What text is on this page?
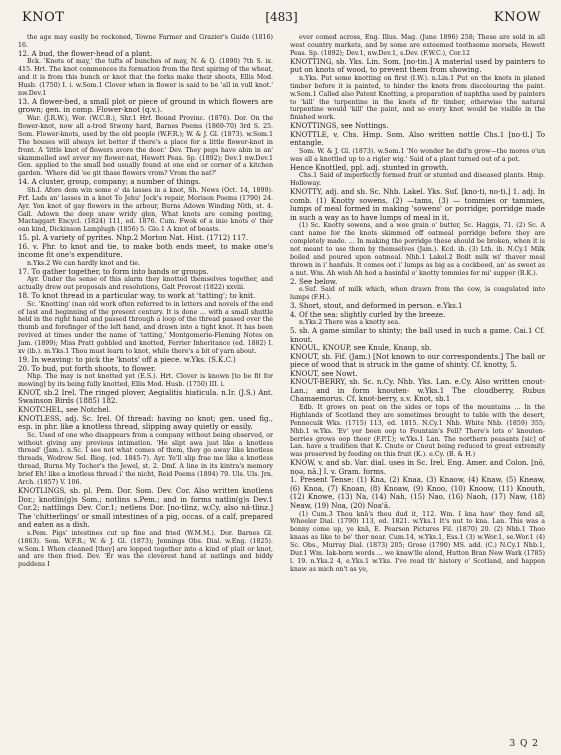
KNOT	[483]	KNOW

the age may easily be reckoned, Towne Farmer and Grazier's Guide (1816) 16.

12. A bud, the flower-head of a plant.

Bck. 'Knots of may,' the tufts of bunches of may, N. & Q. (1890) 7th S. ix. 415. Hrt. The knot commences its formation from the first spiring of the wheat, and it is from this bunch or knot that the forks make their shoots, Ellis Mod. Husb. (1750) I. i. w.Som.1 Clover when in flower is said to be 'all in vull knot.' nw.Dev.1

13. A flower-bed, a small plot or piece of ground in which flowers are grown; gen. in comp. Flower-knot (q.v.).

War. (J.R.W.), Wor. (W.C.B.), Shr.1 Hrf. Bound Provinc. (1876). Dor. On the flower-knot, now all a-trod Stwony hard, Barnes Poems (1869-70) 3rd S. 25. Som. Flower-knots, used by the old people (W.F.R.); W. & J. Gl. (1873). w.Som.1 The houses will always let better if there's a place for a little flower-knot in front. A 'little knot of flowers avore the door.' Dev. They pegs have abin in an' skammelled awl avver my flower-nat, Hewett Peas. Sp. (1892); Dev.1 nw.Dev.1 Gen. applied to the small bed usually found at one end or corner of a kitchen garden. 'Where did 'ee git thase flowers vrom? Vrom the nat?'

14. A cluster, group, company; a number of things.

Sh.I. Afore dem win some o' da lasses in a knot, Sh. News (Oct. 14, 1899). Frf. Lads an' lasses in a knot To Jehu' Jock's repair, Morison Poems (1790) 24. Ayr. Yon knot of gay flowers in the arbour, Burns Adown Winding Nith, st. 4. Gall. Adown the deep snaw wridy glen, What knots are coming posting, Mactaggart Encycl. (1824) 111, ed. 1876. Cum. Fwok of a inio knots o' ther oan kind, Dickinson Lamplugh (1856) 5. Glo.1 A knot of beasts.

15. pl. A variety of pyrites. Nhp.2 Morton Nat. Hist. (1712) 117.

16. v. Phr. to knot and tie, to make both ends meet, to make one's income fit one's expenditure.

n.Yks.2 We can hardly knot and tie.

17. To gather together, to form into bands or groups.

Ayr. Under the sense of this alarm they knotted themselves together, and actually drew out proposals and resolutions, Galt Provost (1822) xxviii.

18. To knot thread in a particular way, to work at 'tatting'; to knit.

Sc. 'Knotting' (nan old work often referred to in letters and novels of the end of last and beginning of the present century. It is done ... with a small shuttle held in the right hand and passed through a loop of the thread passed over the thumb and forefinger of the left hand, and drawn into a tight knot. It has been revived at times under the name of 'tatting,' Montgomerie-Fleming Notes on Jam. (1899); Miss Pratt gobbled and knotted, Ferrier Inheritance (ed. 1882) I. xv (ib.). m.Yks.1 Thou must learn to knot, while there's a bit of yarn about.

19. In weaving: to pick the 'knots' off a piece. w.Yks. (S.K.C.)

20. To bud, put forth shoots, to flower.

Nhp. The may is not knotted yet (E.S.). Hrt. Clover is known [to be fit for mowing] by its being fully knotted, Ellis Mod. Husb. (1750) III. i.

KNOT, sb.2 Irel. The ringed plover, Aegialitis hiaticula. n.Ir. (J.S.) Ant. Swainson Birds (1885) 182.

KNOTCHEL, see Notchel.

KNOTLESS, adj. Sc. Irel. Of thread: having no knot; gen. used fig., esp. in phr. like a knotless thread, slipping away quietly or easily.

Sc. Used of one who disappears from a company without being observed, or without giving any previous intimation. 'He slipt awa just like a knotless thread' (Jam.). n.Sc. I see not what comes of them, they go away like knotless threads, Wodrow Sel. Biog. (ed. 1845-7). Ayr. Ye'll slip frae me like a knotless thread, Burns My Tocher's the Jewel, st. 2. Dmf. A line in its kintra's memory brief Eh! like a knotless thread i' the nicht, Reid Poems (1894) 79. Uls. Uls. Jrn. Arch. (1857) V. 106.

KNOTLINGS, sb. pl. Pem. Dor. Som. Dev. Cor. Also written knotlens Dor.; knotlin(g)s Som.; notlins s.Pem.; and in forms natlin(g)s Dev.1 Cor.2; nattlings Dev. Cor.1; netlens Dor. [no·tlinz, w.Cy. also nä·tlinz.] The 'chitterlings' or small intestines of a pig, occas. of a calf, prepared and eaten as a dish.

s.Pem. Pigs' intestines cut up fine and fried (W.M.M.). Dor. Barnes Gl. (1863). Som. W.F.R.; W. & J. Gl. (1873); Jennings Obs. Dial. w.Eng. (1825). w.Som.1 When cleaned [they] are lopped together into a kind of plait or knot, and are then fried. Dev. 'Er was the cleverest hand at natlings and biddy puddens I

ever comed across, Eng. Illus. Mag. (June 1896) 258; These are sold in all west country markets, and by some are esteemed toothsome morsels, Hewett Peas. Sp. (1892); Dev.1, nw.Dev.1, s.Dev. (F.W.C.), Cor.12

KNOTTING, sb. Yks. Lin. Som. [no·tin.] A material used by painters to put on knots of wood, to prevent them from showing.

n.Yks. Put some knotting on first (I.W.). n.Lin.1 Put on the knots in planed timber before it is painted, to hinder the knots from discolouring the paint. w.Som.1 Called also Patent Knotting, a preparation of naphtha used by painters to 'kill' the turpentine in the knots of fir timber, otherwise the natural turpentine would 'kill' the paint, and so every knot would be visible in the finished work.

KNOTTINGS, see Nottings.

KNOTTLE, v. Chs. Hmp. Som. Also written nottle Chs.1 [no·tl.] To entangle.

Som. W. & J. Gl. (1873). w.Som.1 'No wonder he did'n grow—the mores o'un was all a knottled up to a rigler wig.' Said of a plant turned out of a pot.

Hence Knottled, ppl. adj. stunted in growth.

Chs.1 Said of imperfectly formed fruit or stunted and diseased plants. Hmp. Holloway.

KNOTTY, adj. and sb. Sc. Nhb. Lakel. Yks. Suf. [kno·ti, no·ti.] 1. adj. In comb. (1) Knotty sowens, (2) —tams, (3) — tommies or tammies, lumps of meal formed in making 'sowens' or porridge; porridge made in such a way as to have lumps of meal in it.

(1) Sc. Knotty sowens, and a wee grain o' butter, Sc. Haggis, 71. (2) Sc. A cant name for the knots skimmed off oatmeal porridge before they are completely made. ... In making the porridge these should be broken, when it is not meant to use them by themselves (Jam.). Kcd. ib. (3) Lth. ib. N.Cy.1 Milk boiled and poured upon oatmeal. Nhb.1 Lakel.2 Boilt milk wi' thaver meal thrown in i' hanfuls. It comes oot i' lumps as big as a cockbeed, an' as sweet as a nut. Wm. Ah wish Ah hed a basinfal o' knotty tommies fer mi' supper (B.K.).

2. See below.

e.Suf. Said of milk which, when drawn from the cow, is coagulated into lumps (F.H.).

3. Short, stout, and deformed in person. e.Yks.1

4. Of the sea: slightly curled by the breeze.

n.Yks.2 There was a knotty sea.

5. sb. A game similar to shinty; the ball used in such a game. Cai.1 Cf. knout.

KNOUL, KNOUP, see Knule, Knaup, sb.

KNOUT, sb. Fif. (Jam.) [Not known to our correspondents.] The ball or piece of wood that is struck in the game of shinty. Cf. knotty, 5.

KNOUT, see Nowt.

KNOUT-BERRY, sb. Sc. n.Cy. Nhb. Yks. Lan. e.Cy. Also written cnout- Lan.; and in form knouten- w.Yks.1 The cloudberry, Rubus Chamaemorus. Cf. knot-berry, s.v. Knot, sb.1

Edb. It grows on peat on the sides or tops of the mountains ... In the Highlands of Scotland they are sometimes brought to table with the desert, Pennecuik Wks. (1715) 113, ed. 1815. N.Cy.1 Nhb. White Nhb. (1859) 355; Nhb.1 w.Yks. 'Ev' yer been oop to Fountain's Fell? There's lots o' knouten-berries grows oop theer (F.P.T.); w.Yks.1 Lan. The northern peasants [sic] of Lan. have a tradition that K. Cnute or Cnout being reduced to great extremity was preserved by feeding on this fruit (K.). e.Cy. (B. & H.)

KNOW, v. and sb. Var. dial. uses in Sc. Irel. Eng. Amer. and Colon. [nō, nọə, nā.] I. v. Gram. forms.

1. Present Tense: (1) Kna, (2) Knaa, (3) Knaow, (4) Knaw, (5) Kneaw, (6) Knoa, (7) Knoan, (8) Knoaw, (9) Knoo, (10) Knoow, (11) Knouth, (12) Knowe, (13) Na, (14) Nah, (15) Nao, (16) Naoh, (17) Naw, (18) Neaw, (19) Noa, (20) Noa'ā.

(1) Cum.3 Thou knā's thou dud it, 112. Wm. I kna haw' they fend all, Wheeler Dial. (1790) 113, ed. 1821. w.Yks.1 It's nut to kna. Lan. This was a bonny come up, ye knā, E. Pearson Pictures Fil. (1870) 20. (2) Nhb.1 Thoo knaas as like to be' ther near. Cum.14, w.Yks.1, Ess.1 (3) w.Wor.1, se.Wor.1 (4) Sc. Obs., Murray Dial. (1873) 205; Grose (1790) MS. add. (C.) N.Cy.1 Nhb.1, Dur.1 Wm. Iak-horn words ... we knaw'lle alond, Hutton Bran New Wark (1785) l. 19. n.Yks.2 4, e.Yks.1 w.Yks. I've read th' history o' Scotland, and happen knaw as mich on't as ye,

3 Q 2
